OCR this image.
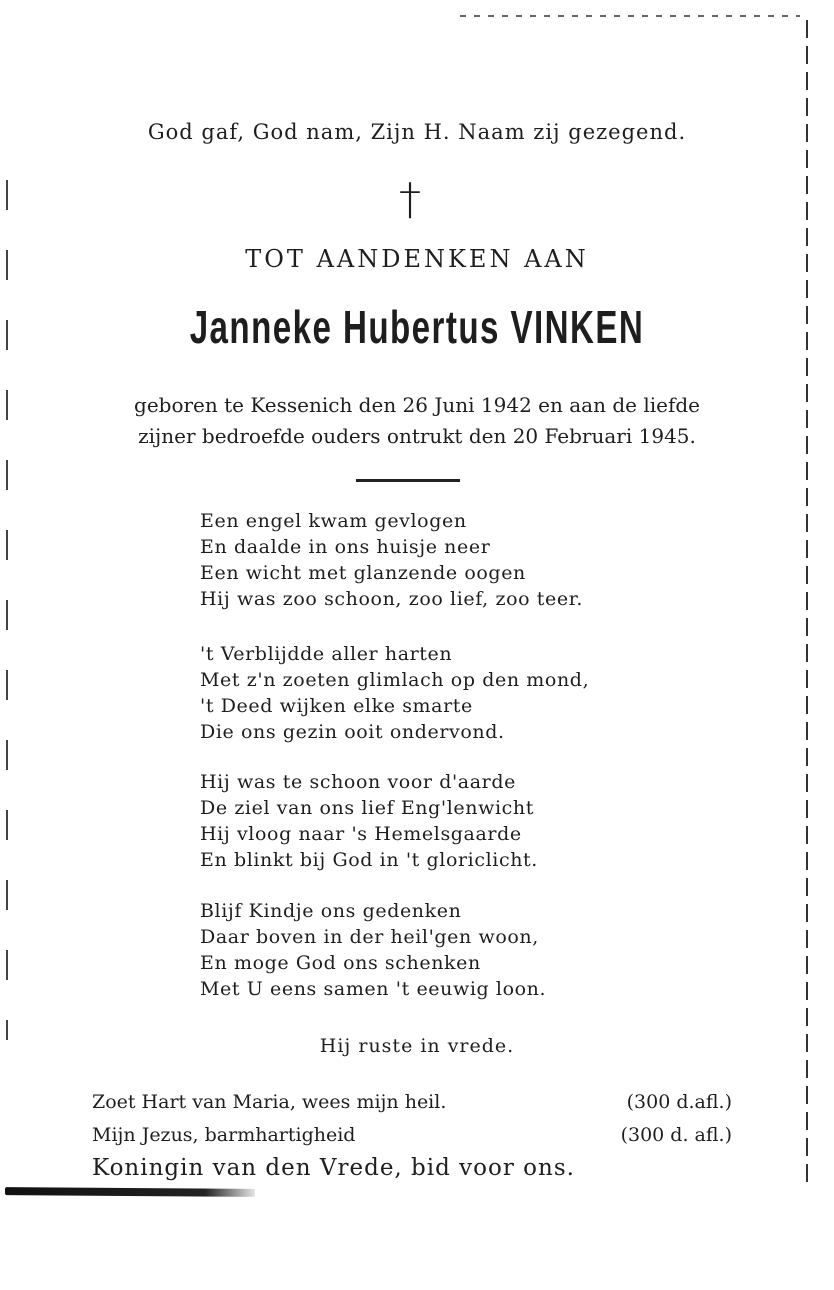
God gaf, God nam, Zijn H. Naam zij gezegend.
†
TOT AANDENKEN AAN
Janneke Hubertus VINKEN
geboren te Kessenich den 26 Juni 1942 en aan de liefde
zijner bedroefde ouders ontrukt den 20 Februari 1945.
Een engel kwam gevlogen
En daalde in ons huisje neer
Een wicht met glanzende oogen
Hij was zoo schoon, zoo lief, zoo teer.
't Verblijdde aller harten
Met z'n zoeten glimlach op den mond,
't Deed wijken elke smarte
Die ons gezin ooit ondervond.
Hij was te schoon voor d'aarde
De ziel van ons lief Eng'lenwicht
Hij vloog naar 's Hemelsgaarde
En blinkt bij God in 't gloriclicht.
Blijf Kindje ons gedenken
Daar boven in der heil'gen woon,
En moge God ons schenken
Met U eens samen 't eeuwig loon.
Hij ruste in vrede.
Zoet Hart van Maria, wees mijn heil.	(300 d.afl.)
Mijn Jezus, barmhartigheid	(300 d. afl.)
Koningin van den Vrede, bid voor ons.
